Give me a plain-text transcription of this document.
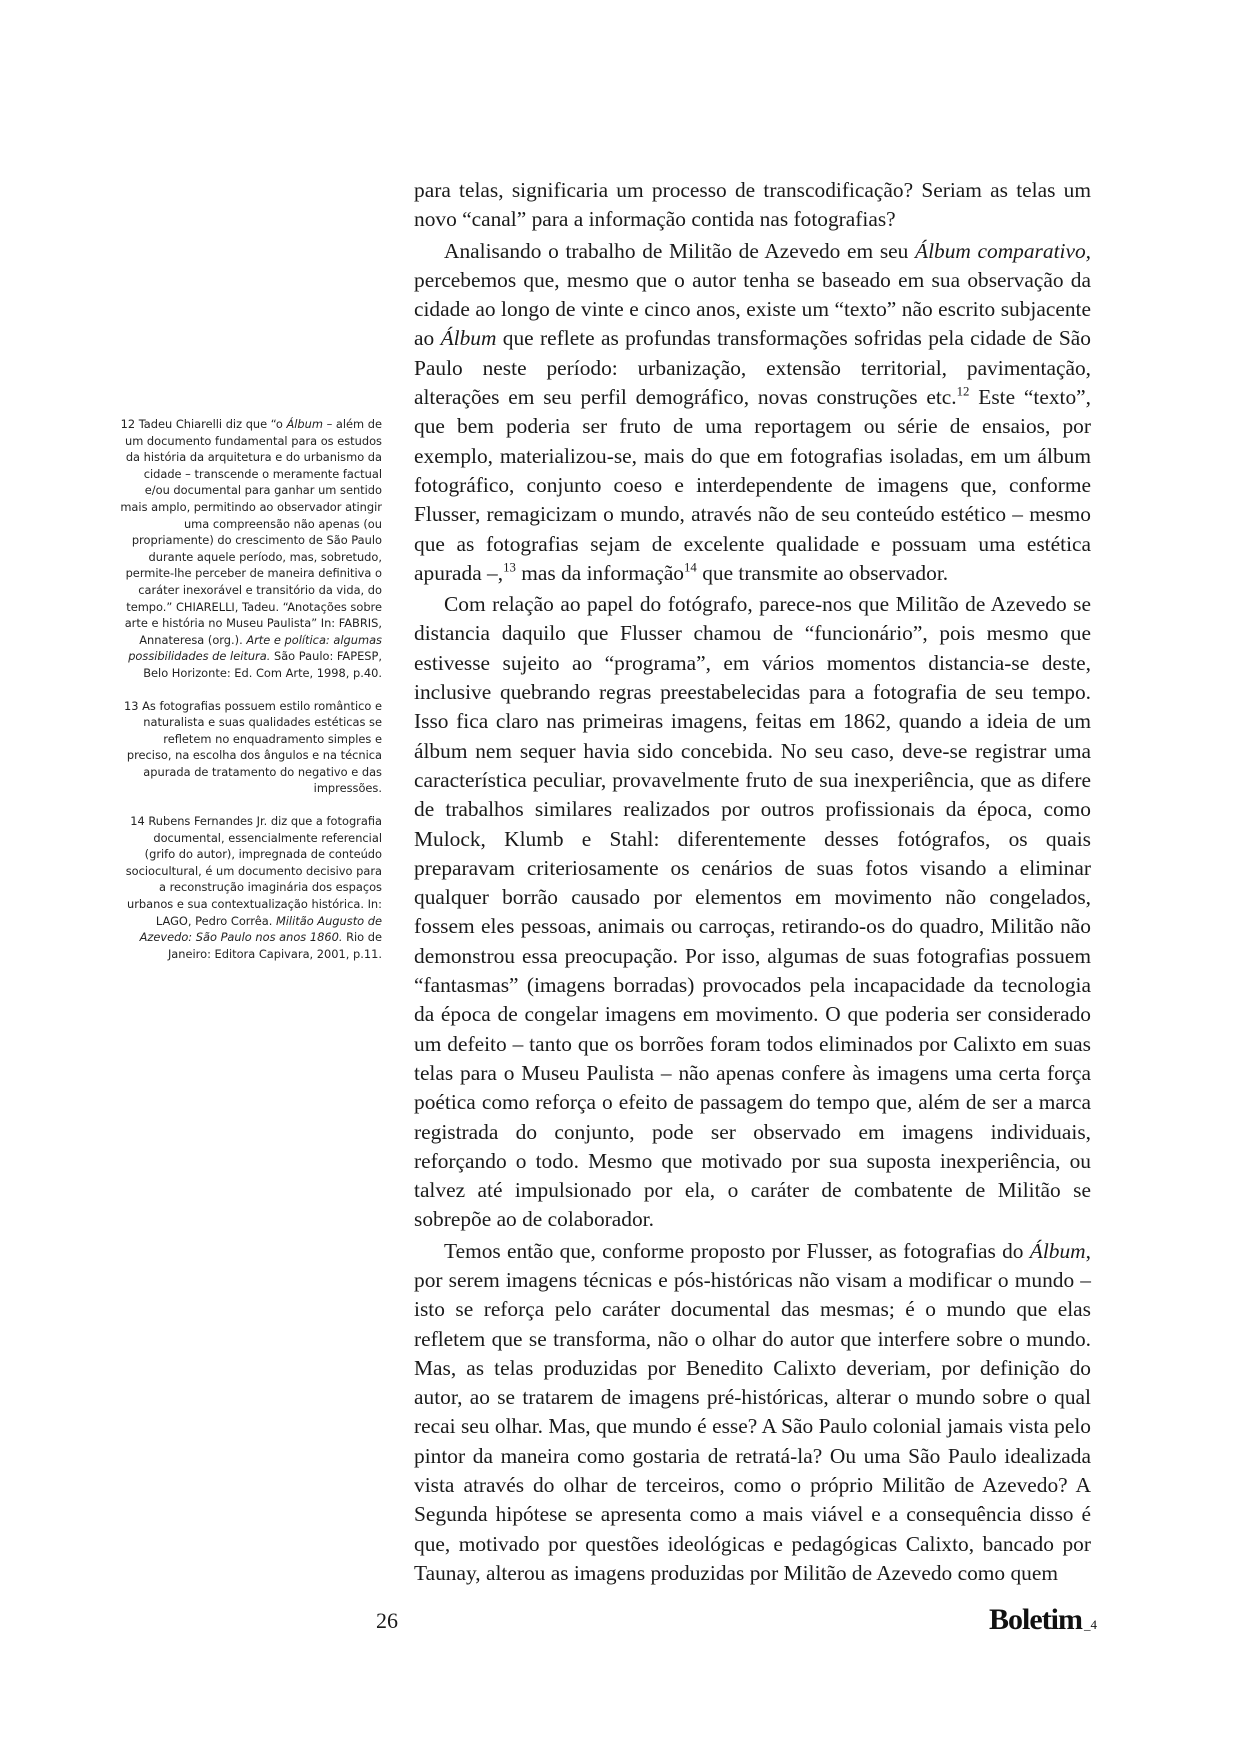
12 Tadeu Chiarelli diz que “o Álbum – além de um documento fundamental para os estudos da história da arquitetura e do urbanismo da cidade – transcende o meramente factual e/ou documental para ganhar um sentido mais amplo, permitindo ao observador atingir uma compreensão não apenas (ou propriamente) do crescimento de São Paulo durante aquele período, mas, sobretudo, permite-lhe perceber de maneira definitiva o caráter inexorável e transitório da vida, do tempo.” CHIARELLI, Tadeu. “Anotações sobre arte e história no Museu Paulista” In: FABRIS, Annateresa (org.). Arte e política: algumas possibilidades de leitura. São Paulo: FAPESP, Belo Horizonte: Ed. Com Arte, 1998, p.40.

13 As fotografias possuem estilo romântico e naturalista e suas qualidades estéticas se refletem no enquadramento simples e preciso, na escolha dos ângulos e na técnica apurada de tratamento do negativo e das impressões.

14 Rubens Fernandes Jr. diz que a fotografia documental, essencialmente referencial (grifo do autor), impregnada de conteúdo sociocultural, é um documento decisivo para a reconstrução imaginária dos espaços urbanos e sua contextualização histórica. In: LAGO, Pedro Corrêa. Militão Augusto de Azevedo: São Paulo nos anos 1860. Rio de Janeiro: Editora Capivara, 2001, p.11.

para telas, significaria um processo de transcodificação? Seriam as telas um novo “canal” para a informação contida nas fotografias?

Analisando o trabalho de Militão de Azevedo em seu Álbum comparativo, percebemos que, mesmo que o autor tenha se baseado em sua observação da cidade ao longo de vinte e cinco anos, existe um “texto” não escrito subjacente ao Álbum que reflete as profundas transformações sofridas pela cidade de São Paulo neste período: urbanização, extensão territorial, pavimentação, alterações em seu perfil demográfico, novas construções etc.$^{12}$ Este “texto”, que bem poderia ser fruto de uma reportagem ou série de ensaios, por exemplo, materializou-se, mais do que em fotografias isoladas, em um álbum fotográfico, conjunto coeso e interdependente de imagens que, conforme Flusser, remagicizam o mundo, através não de seu conteúdo estético – mesmo que as fotografias sejam de excelente qualidade e possuam uma estética apurada –,$^{13}$ mas da informação$^{14}$ que transmite ao observador.

Com relação ao papel do fotógrafo, parece-nos que Militão de Azevedo se distancia daquilo que Flusser chamou de “funcionário”, pois mesmo que estivesse sujeito ao “programa”, em vários momentos distancia-se deste, inclusive quebrando regras preestabelecidas para a fotografia de seu tempo. Isso fica claro nas primeiras imagens, feitas em 1862, quando a ideia de um álbum nem sequer havia sido concebida. No seu caso, deve-se registrar uma característica peculiar, provavelmente fruto de sua inexperiência, que as difere de trabalhos similares realizados por outros profissionais da época, como Mulock, Klumb e Stahl: diferentemente desses fotógrafos, os quais preparavam criteriosamente os cenários de suas fotos visando a eliminar qualquer borrão causado por elementos em movimento não congelados, fossem eles pessoas, animais ou carroças, retirando-os do quadro, Militão não demonstrou essa preocupação. Por isso, algumas de suas fotografias possuem “fantasmas” (imagens borradas) provocados pela incapacidade da tecnologia da época de congelar imagens em movimento. O que poderia ser considerado um defeito – tanto que os borrões foram todos eliminados por Calixto em suas telas para o Museu Paulista – não apenas confere às imagens uma certa força poética como reforça o efeito de passagem do tempo que, além de ser a marca registrada do conjunto, pode ser observado em imagens individuais, reforçando o todo. Mesmo que motivado por sua suposta inexperiência, ou talvez até impulsionado por ela, o caráter de combatente de Militão se sobrepõe ao de colaborador.

Temos então que, conforme proposto por Flusser, as fotografias do Álbum, por serem imagens técnicas e pós-históricas não visam a modificar o mundo – isto se reforça pelo caráter documental das mesmas; é o mundo que elas refletem que se transforma, não o olhar do autor que interfere sobre o mundo. Mas, as telas produzidas por Benedito Calixto deveriam, por definição do autor, ao se tratarem de imagens pré-históricas, alterar o mundo sobre o qual recai seu olhar. Mas, que mundo é esse? A São Paulo colonial jamais vista pelo pintor da maneira como gostaria de retratá-la? Ou uma São Paulo idealizada vista através do olhar de terceiros, como o próprio Militão de Azevedo? A Segunda hipótese se apresenta como a mais viável e a consequência disso é que, motivado por questões ideológicas e pedagógicas Calixto, bancado por Taunay, alterou as imagens produzidas por Militão de Azevedo como quem

26	Boletim _4
